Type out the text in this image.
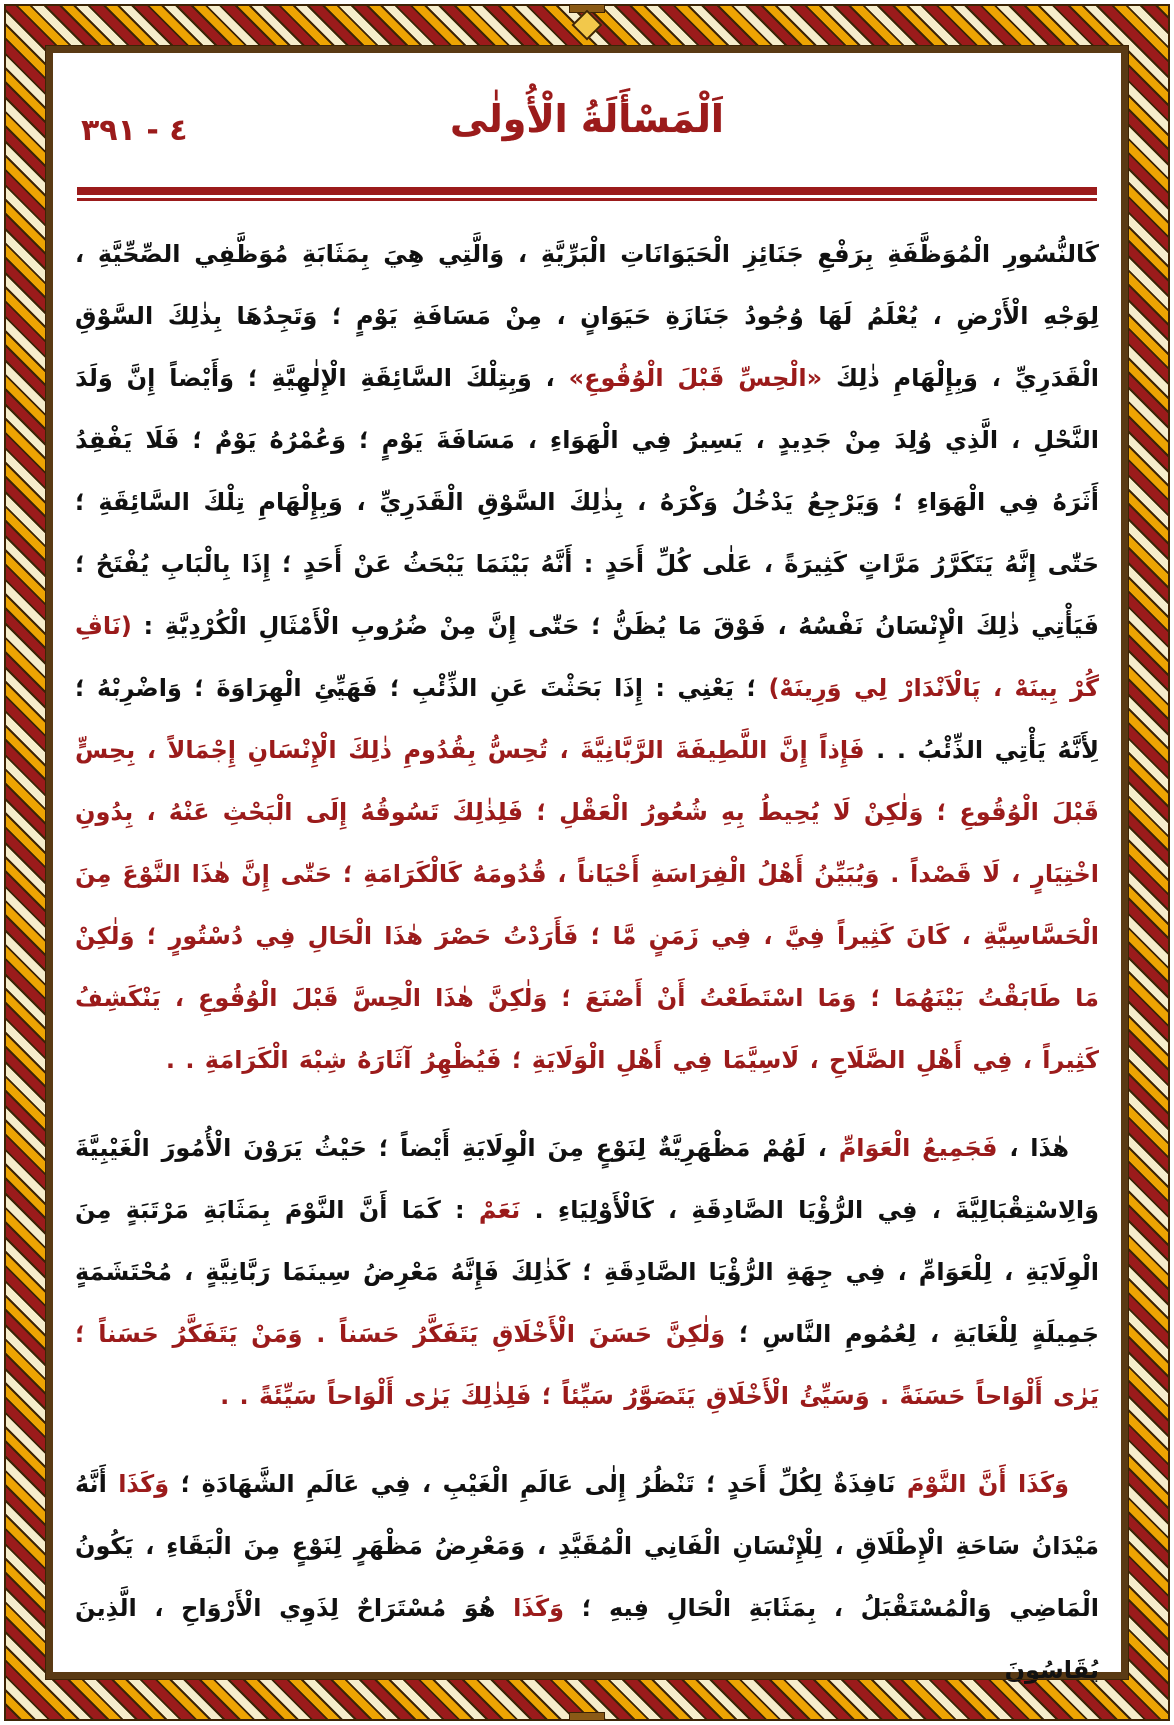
٤ - ٣٩١	اَلْمَسْأَلَةُ الْأُولٰى

كَالنُّسُورِ الْمُوَظَّفَةِ بِرَفْعِ جَنَائِزِ الْحَيَوَانَاتِ الْبَرِّيَّةِ ، وَالَّتِي هِيَ بِمَثَابَةِ مُوَظَّفِي الصِّحِّيَّةِ ، لِوَجْهِ الْأَرْضِ ، يُعْلَمُ لَهَا وُجُودُ جَنَازَةِ حَيَوَانٍ ، مِنْ مَسَافَةِ يَوْمٍ ؛ وَتَجِدُهَا بِذٰلِكَ السَّوْقِ الْقَدَرِيِّ ، وَبِإِلْهَامِ ذٰلِكَ «الْحِسِّ قَبْلَ الْوُقُوعِ» ، وَبِتِلْكَ السَّائِقَةِ الْإِلٰهِيَّةِ ؛ وَأَيْضاً إِنَّ وَلَدَ النَّحْلِ ، الَّذِي وُلِدَ مِنْ جَدِيدٍ ، يَسِيرُ فِي الْهَوَاءِ ، مَسَافَةَ يَوْمٍ ؛ وَعُمْرُهُ يَوْمٌ ؛ فَلَا يَفْقِدُ أَثَرَهُ فِي الْهَوَاءِ ؛ وَيَرْجِعُ يَدْخُلُ وَكْرَهُ ، بِذٰلِكَ السَّوْقِ الْقَدَرِيِّ ، وَبِإِلْهَامِ تِلْكَ السَّائِقَةِ ؛ حَتّٰى إِنَّهُ يَتَكَرَّرُ مَرَّاتٍ كَثِيرَةً ، عَلٰى كُلِّ أَحَدٍ : أَنَّهُ بَيْنَمَا يَبْحَثُ عَنْ أَحَدٍ ؛ إِذَا بِالْبَابِ يُفْتَحُ ؛ فَيَأْتِي ذٰلِكَ الْإِنْسَانُ نَفْسُهُ ، فَوْقَ مَا يُظَنُّ ؛ حَتّٰى إِنَّ مِنْ ضُرُوبِ الْأَمْثَالِ الْكُرْدِيَّةِ : (نَاڤِ گُرْ بِينَهْ ، پَالْاَنْدَارْ لِي وَرِينَهْ) ؛ يَعْنِي : إِذَا بَحَثْتَ عَنِ الذِّئْبِ ؛ فَهَيِّئِ الْهِرَاوَةَ ؛ وَاضْرِبْهُ ؛ لِأَنَّهُ يَأْتِي الذِّئْبُ . . فَإِذاً إِنَّ اللَّطِيفَةَ الرَّبَّانِيَّةَ ، تُحِسُّ بِقُدُومِ ذٰلِكَ الْإِنْسَانِ إِجْمَالاً ، بِحِسٍّ قَبْلَ الْوُقُوعِ ؛ وَلٰكِنْ لَا يُحِيطُ بِهِ شُعُورُ الْعَقْلِ ؛ فَلِذٰلِكَ تَسُوقُهُ إِلَى الْبَحْثِ عَنْهُ ، بِدُونِ اخْتِيَارٍ ، لَا قَصْداً . وَيُبَيِّنُ أَهْلُ الْفِرَاسَةِ أَحْيَاناً ، قُدُومَهُ كَالْكَرَامَةِ ؛ حَتّٰى إِنَّ هٰذَا النَّوْعَ مِنَ الْحَسَّاسِيَّةِ ، كَانَ كَثِيراً فِيَّ ، فِي زَمَنٍ مَّا ؛ فَأَرَدْتُ حَصْرَ هٰذَا الْحَالِ فِي دُسْتُورٍ ؛ وَلٰكِنْ مَا طَابَقْتُ بَيْنَهُمَا ؛ وَمَا اسْتَطَعْتُ أَنْ أَصْنَعَ ؛ وَلٰكِنَّ هٰذَا الْحِسَّ قَبْلَ الْوُقُوعِ ، يَنْكَشِفُ كَثِيراً ، فِي أَهْلِ الصَّلَاحِ ، لَاسِيَّمَا فِي أَهْلِ الْوَلَايَةِ ؛ فَيُظْهِرُ آثَارَهُ شِبْهَ الْكَرَامَةِ . .

هٰذَا ، فَجَمِيعُ الْعَوَامِّ ، لَهُمْ مَظْهَرِيَّةٌ لِنَوْعٍ مِنَ الْوِلَايَةِ أَيْضاً ؛ حَيْثُ يَرَوْنَ الْأُمُورَ الْغَيْبِيَّةَ وَالِاسْتِقْبَالِيَّةَ ، فِي الرُّؤْيَا الصَّادِقَةِ ، كَالْأَوْلِيَاءِ . نَعَمْ : كَمَا أَنَّ النَّوْمَ بِمَثَابَةِ مَرْتَبَةٍ مِنَ الْوِلَايَةِ ، لِلْعَوَامِّ ، فِي جِهَةِ الرُّؤْيَا الصَّادِقَةِ ؛ كَذٰلِكَ فَإِنَّهُ مَعْرِضُ سِينَمَا رَبَّانِيَّةٍ ، مُحْتَشَمَةٍ جَمِيلَةٍ لِلْغَايَةِ ، لِعُمُومِ النَّاسِ ؛ وَلٰكِنَّ حَسَنَ الْأَخْلَاقِ يَتَفَكَّرُ حَسَناً . وَمَنْ يَتَفَكَّرُ حَسَناً ؛ يَرٰى أَلْوَاحاً حَسَنَةً . وَسَيِّئُ الْأَخْلَاقِ يَتَصَوَّرُ سَيِّئاً ؛ فَلِذٰلِكَ يَرٰى أَلْوَاحاً سَيِّئَةً . .

وَكَذَا أَنَّ النَّوْمَ نَافِذَةٌ لِكُلِّ أَحَدٍ ؛ تَنْظُرُ إِلٰى عَالَمِ الْغَيْبِ ، فِي عَالَمِ الشَّهَادَةِ ؛ وَكَذَا أَنَّهُ مَيْدَانُ سَاحَةِ الْإِطْلَاقِ ، لِلْإِنْسَانِ الْفَانِي الْمُقَيَّدِ ، وَمَعْرِضُ مَظْهَرٍ لِنَوْعٍ مِنَ الْبَقَاءِ ، يَكُونُ الْمَاضِي وَالْمُسْتَقْبَلُ ، بِمَثَابَةِ الْحَالِ فِيهِ ؛ وَكَذَا هُوَ مُسْتَرَاحٌ لِذَوِي الْأَرْوَاحِ ، الَّذِينَ يُقَاسُونَ
